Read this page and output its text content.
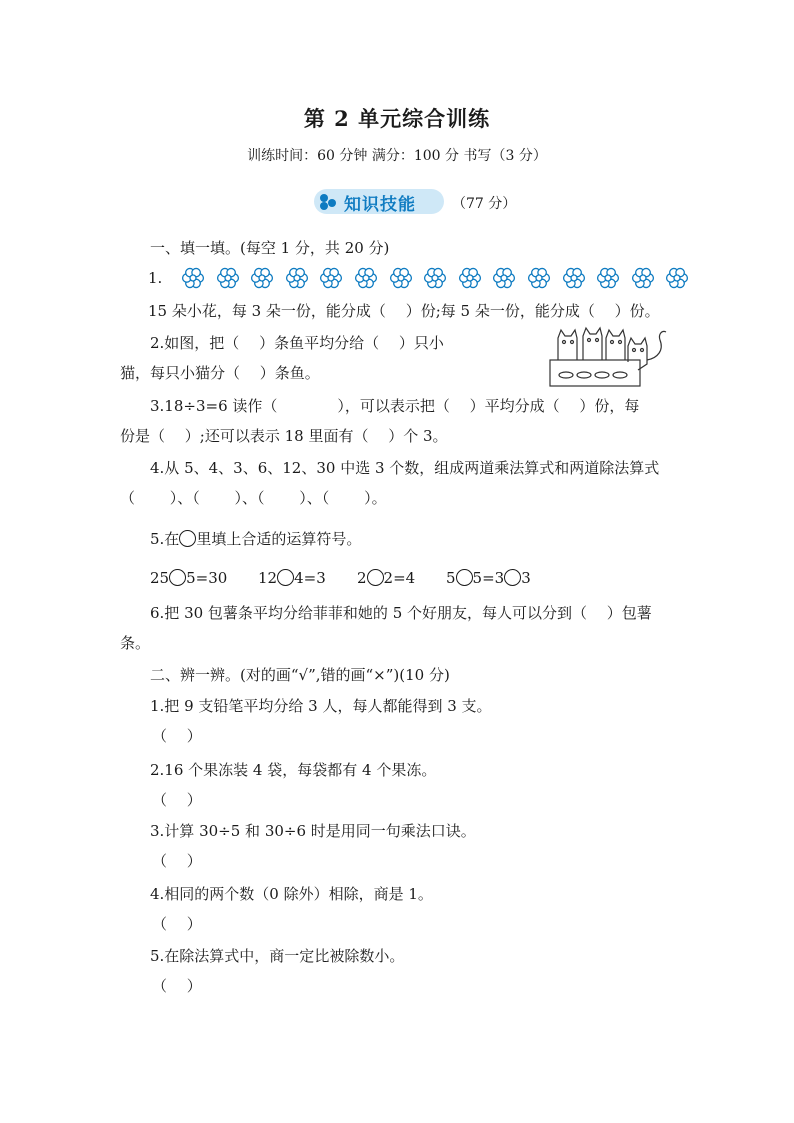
第 2 单元综合训练
训练时间：60 分钟 满分：100 分 书写（3 分）
知识技能	（77 分）
一、填一填。(每空 1 分，共 20 分)
1.
15 朵小花，每 3 朵一份，能分成（　 ）份;每 5 朵一份，能分成（　 ）份。
2.如图，把（　 ）条鱼平均分给（　 ）只小
猫，每只小猫分（　 ）条鱼。
3.18÷3=6 读作（　　　　），可以表示把（　 ）平均分成（　 ）份，每
份是（　 ）;还可以表示 18 里面有（　 ）个 3。
4.从 5、4、3、6、12、30 中选 3 个数，组成两道乘法算式和两道除法算式
（　　 ）、（　　 ）、（　　 ）、（　　 ）。
5.在 里填上合适的运算符号。
25 5=30 12 4=3 2 2=4 5 5=3 3
6.把 30 包薯条平均分给菲菲和她的 5 个好朋友，每人可以分到（　 ）包薯
条。
二、辨一辨。(对的画“√”,错的画“×”)(10 分)
1.把 9 支铅笔平均分给 3 人，每人都能得到 3 支。
（　 ）
2.16 个果冻装 4 袋，每袋都有 4 个果冻。
（　 ）
3.计算 30÷5 和 30÷6 时是用同一句乘法口诀。
（　 ）
4.相同的两个数（0 除外）相除，商是 1。
（　 ）
5.在除法算式中，商一定比被除数小。
（　 ）
